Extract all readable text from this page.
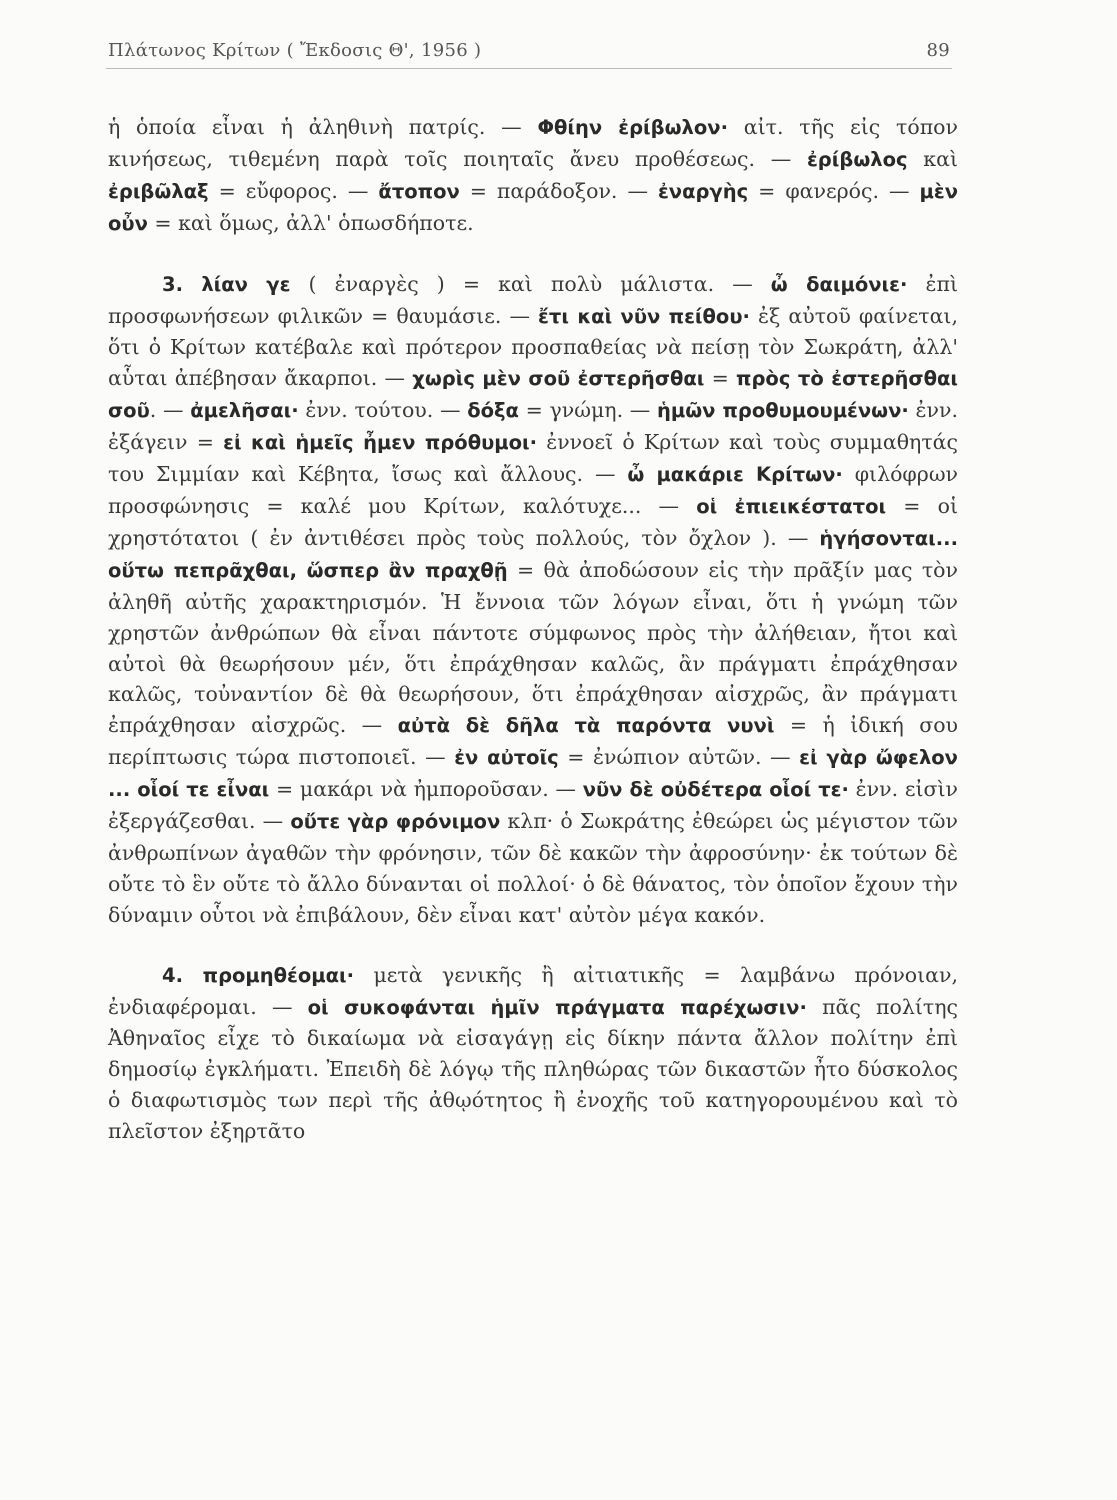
Πλάτωνος Κρίτων ( Ἔκδοσις Θ', 1956 )	89

ἡ ὁποία εἶναι ἡ ἀληθινὴ πατρίς. — Φθίην ἐρίβωλον· αἰτ. τῆς εἰς τόπον κινήσεως, τιθεμένη παρὰ τοῖς ποιηταῖς ἄνευ προθέσεως. — ἐρίβωλος καὶ ἐριβῶλαξ = εὔφορος. — ἄτοπον = παράδοξον. — ἐναργὴς = φανερός. — μὲν οὖν = καὶ ὅμως, ἀλλ' ὁπωσδήποτε.

3. λίαν γε ( ἐναργὲς ) = καὶ πολὺ μάλιστα. — ὦ δαιμόνιε· ἐπὶ προσφωνήσεων φιλικῶν = θαυμάσιε. — ἔτι καὶ νῦν πείθου· ἐξ αὐτοῦ φαίνεται, ὅτι ὁ Κρίτων κατέβαλε καὶ πρότερον προσπαθείας νὰ πείσῃ τὸν Σωκράτη, ἀλλ' αὗται ἀπέβησαν ἄκαρποι. — χωρὶς μὲν σοῦ ἐστερῆσθαι = πρὸς τὸ ἐστερῆσθαι σοῦ. — ἀμελῆσαι· ἐνν. τούτου. — δόξα = γνώμη. — ἡμῶν προθυμουμένων· ἐνν. ἐξάγειν = εἰ καὶ ἡμεῖς ἦμεν πρόθυμοι· ἐννοεῖ ὁ Κρίτων καὶ τοὺς συμμαθητάς του Σιμμίαν καὶ Κέβητα, ἴσως καὶ ἄλλους. — ὦ μακάριε Κρίτων· φιλόφρων προσφώνησις = καλέ μου Κρίτων, καλότυχε... — οἱ ἐπιεικέστατοι = οἱ χρηστότατοι ( ἐν ἀντιθέσει πρὸς τοὺς πολλούς, τὸν ὄχλον ). — ἡγήσονται... οὕτω πεπρᾶχθαι, ὥσπερ ἂν πραχθῇ = θὰ ἀποδώσουν εἰς τὴν πρᾶξίν μας τὸν ἀληθῆ αὐτῆς χαρακτηρισμόν. Ἡ ἔννοια τῶν λόγων εἶναι, ὅτι ἡ γνώμη τῶν χρηστῶν ἀνθρώπων θὰ εἶναι πάντοτε σύμφωνος πρὸς τὴν ἀλήθειαν, ἤτοι καὶ αὐτοὶ θὰ θεωρήσουν μέν, ὅτι ἐπράχθησαν καλῶς, ἂν πράγματι ἐπράχθησαν καλῶς, τοὐναντίον δὲ θὰ θεωρήσουν, ὅτι ἐπράχθησαν αἰσχρῶς, ἂν πράγματι ἐπράχθησαν αἰσχρῶς. — αὐτὰ δὲ δῆλα τὰ παρόντα νυνὶ = ἡ ἰδική σου περίπτωσις τώρα πιστοποιεῖ. — ἐν αὐτοῖς = ἐνώπιον αὐτῶν. — εἰ γὰρ ὤφελον ... οἷοί τε εἶναι = μακάρι νὰ ἠμποροῦσαν. — νῦν δὲ οὐδέτερα οἷοί τε· ἐνν. εἰσὶν ἐξεργάζεσθαι. — οὔτε γὰρ φρόνιμον κλπ· ὁ Σωκράτης ἐθεώρει ὡς μέγιστον τῶν ἀνθρωπίνων ἀγαθῶν τὴν φρόνησιν, τῶν δὲ κακῶν τὴν ἀφροσύνην· ἐκ τούτων δὲ οὔτε τὸ ἓν οὔτε τὸ ἄλλο δύνανται οἱ πολλοί· ὁ δὲ θάνατος, τὸν ὁποῖον ἔχουν τὴν δύναμιν οὗτοι νὰ ἐπιβάλουν, δὲν εἶναι κατ' αὐτὸν μέγα κακόν.

4. προμηθέομαι· μετὰ γενικῆς ἢ αἰτιατικῆς = λαμβάνω πρόνοιαν, ἐνδιαφέρομαι. — οἱ συκοφάνται ἡμῖν πράγματα παρέχωσιν· πᾶς πολίτης Ἀθηναῖος εἶχε τὸ δικαίωμα νὰ εἰσαγάγῃ εἰς δίκην πάντα ἄλλον πολίτην ἐπὶ δημοσίῳ ἐγκλήματι. Ἐπειδὴ δὲ λόγῳ τῆς πληθώρας τῶν δικαστῶν ἦτο δύσκολος ὁ διαφωτισμὸς των περὶ τῆς ἀθῳότητος ἢ ἐνοχῆς τοῦ κατηγορουμένου καὶ τὸ πλεῖστον ἐξηρτᾶτο
